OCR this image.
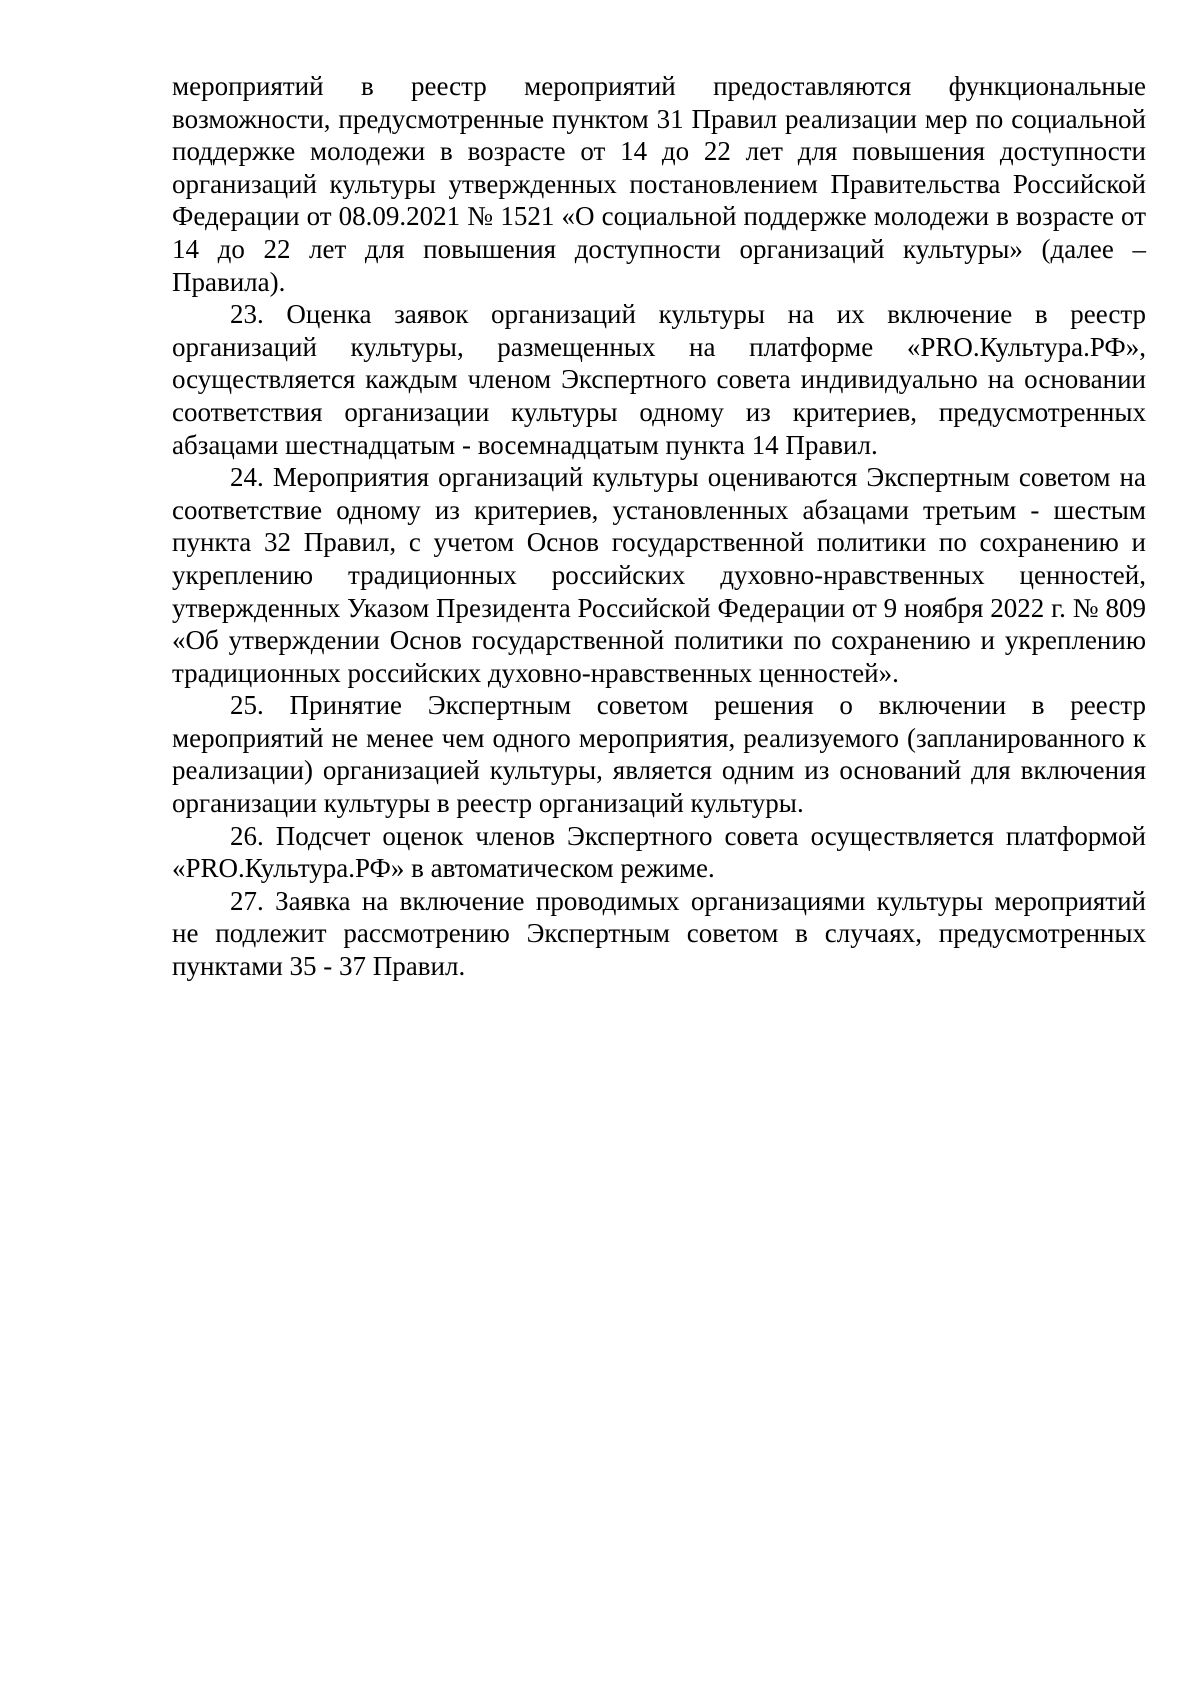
мероприятий в реестр мероприятий предоставляются функциональные возможности, предусмотренные пунктом 31 Правил реализации мер по социальной поддержке молодежи в возрасте от 14 до 22 лет для повышения доступности организаций культуры утвержденных постановлением Правительства Российской Федерации от 08.09.2021 № 1521 «О социальной поддержке молодежи в возрасте от 14 до 22 лет для повышения доступности организаций культуры» (далее – Правила).

23. Оценка заявок организаций культуры на их включение в реестр организаций культуры, размещенных на платформе «PRO.Культура.РФ», осуществляется каждым членом Экспертного совета индивидуально на основании соответствия организации культуры одному из критериев, предусмотренных абзацами шестнадцатым - восемнадцатым пункта 14 Правил.

24. Мероприятия организаций культуры оцениваются Экспертным советом на соответствие одному из критериев, установленных абзацами третьим - шестым пункта 32 Правил, с учетом Основ государственной политики по сохранению и укреплению традиционных российских духовно-нравственных ценностей, утвержденных Указом Президента Российской Федерации от 9 ноября 2022 г. № 809 «Об утверждении Основ государственной политики по сохранению и укреплению традиционных российских духовно-нравственных ценностей».

25. Принятие Экспертным советом решения о включении в реестр мероприятий не менее чем одного мероприятия, реализуемого (запланированного к реализации) организацией культуры, является одним из оснований для включения организации культуры в реестр организаций культуры.

26. Подсчет оценок членов Экспертного совета осуществляется платформой «PRO.Культура.РФ» в автоматическом режиме.

27. Заявка на включение проводимых организациями культуры мероприятий не подлежит рассмотрению Экспертным советом в случаях, предусмотренных пунктами 35 - 37 Правил.
